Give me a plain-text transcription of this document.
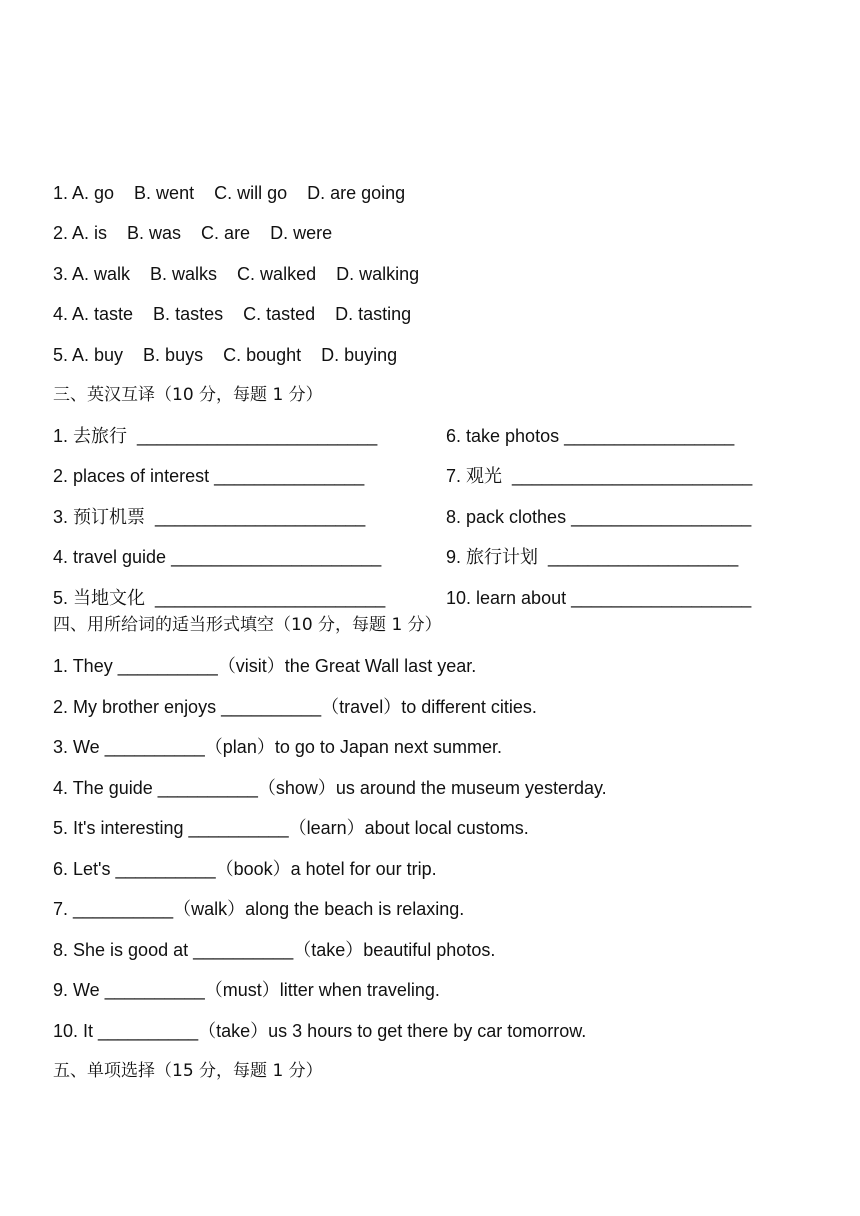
1. A. go    B. went    C. will go    D. are going
2. A. is    B. was    C. are    D. were
3. A. walk    B. walks    C. walked    D. walking
4. A. taste    B. tastes    C. tasted    D. tasting
5. A. buy    B. buys    C. bought    D. buying
三、英汉互译（10 分，每题 1 分）
1. 去旅行  ________________________
2. places of interest _______________
3. 预订机票  _____________________
4. travel guide _____________________
5. 当地文化  _______________________
6. take photos _________________
7. 观光  ________________________
8. pack clothes __________________
9. 旅行计划  ___________________
10. learn about __________________
四、用所给词的适当形式填空（10 分，每题 1 分）
1. They __________（visit）the Great Wall last year.
2. My brother enjoys __________（travel）to different cities.
3. We __________（plan）to go to Japan next summer.
4. The guide __________（show）us around the museum yesterday.
5. It's interesting __________（learn）about local customs.
6. Let's __________（book）a hotel for our trip.
7. __________（walk）along the beach is relaxing.
8. She is good at __________（take）beautiful photos.
9. We __________（must）litter when traveling.
10. It __________（take）us 3 hours to get there by car tomorrow.
五、单项选择（15 分，每题 1 分）
